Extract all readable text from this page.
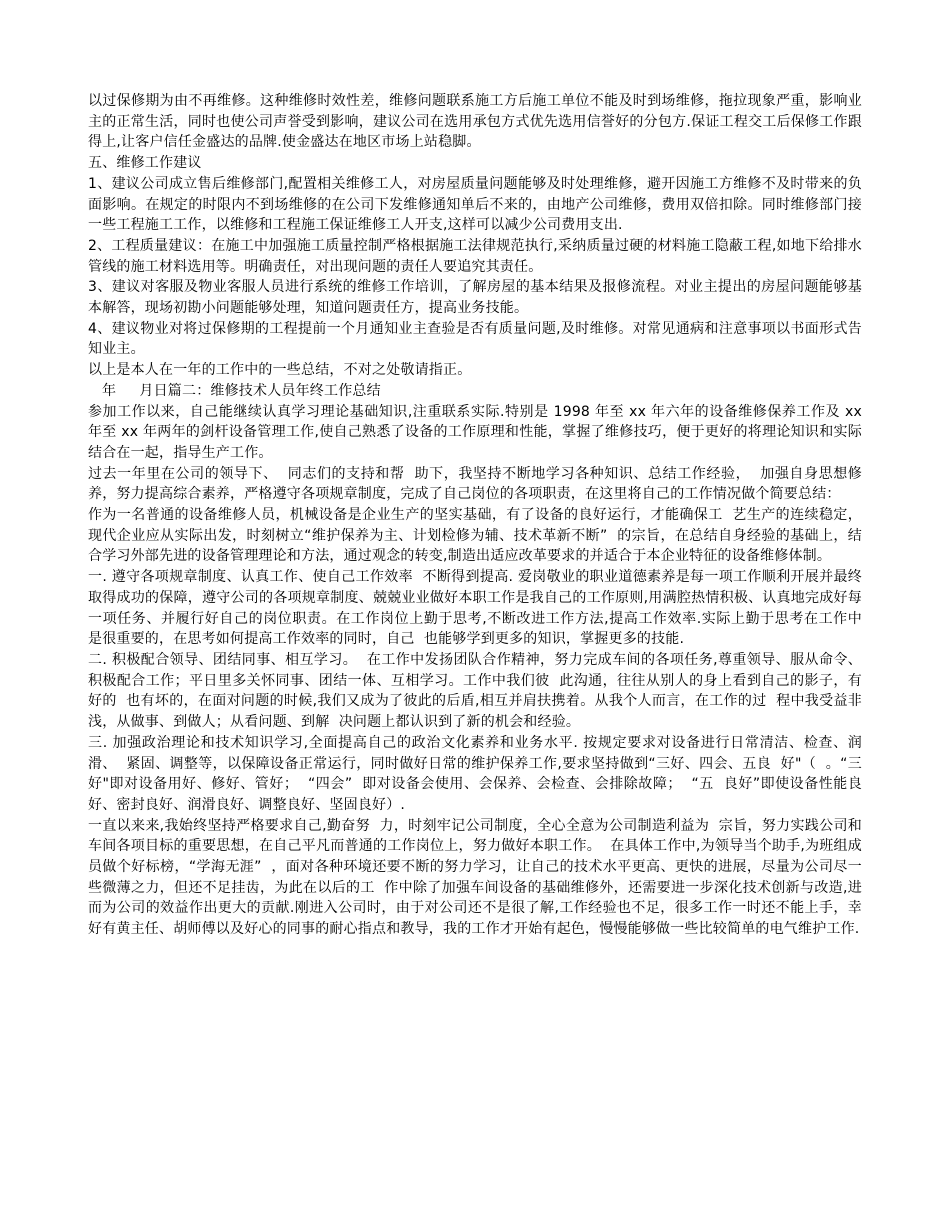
以过保修期为由不再维修。这种维修时效性差，维修问题联系施工方后施工单位不能及时到场维修，拖拉现象严重，影响业主的正常生活，同时也使公司声誉受到影响，建议公司在选用承包方式优先选用信誉好的分包方.保证工程交工后保修工作跟得上,让客户信任金盛达的品牌.使金盛达在地区市场上站稳脚。

五、维修工作建议

1、建议公司成立售后维修部门,配置相关维修工人，对房屋质量问题能够及时处理维修，避开因施工方维修不及时带来的负面影响。在规定的时限内不到场维修的在公司下发维修通知单后不来的，由地产公司维修，费用双倍扣除。同时维修部门接一些工程施工工作，以维修和工程施工保证维修工人开支,这样可以减少公司费用支出.

2、工程质量建议：在施工中加强施工质量控制严格根据施工法律规范执行,采纳质量过硬的材料施工隐蔽工程,如地下给排水管线的施工材料选用等。明确责任，对出现问题的责任人要追究其责任。

3、建议对客服及物业客服人员进行系统的维修工作培训，了解房屋的基本结果及报修流程。对业主提出的房屋问题能够基本解答，现场初勘小问题能够处理，知道问题责任方，提高业务技能。

4、建议物业对将过保修期的工程提前一个月通知业主查验是否有质量问题,及时维修。对常见通病和注意事项以书面形式告知业主。

以上是本人在一年的工作中的一些总结，不对之处敬请指正。

年     月日篇二：维修技术人员年终工作总结

参加工作以来，自己能继续认真学习理论基础知识,注重联系实际.特别是 1998 年至 xx 年六年的设备维修保养工作及 xx 年至 xx 年两年的剑杆设备管理工作,使自己熟悉了设备的工作原理和性能，掌握了维修技巧，便于更好的将理论知识和实际结合在一起，指导生产工作。

过去一年里在公司的领导下、  同志们的支持和帮  助下，我坚持不断地学习各种知识、总结工作经验，  加强自身思想修养，努力提高综合素养，严格遵守各项规章制度，完成了自己岗位的各项职责，在这里将自己的工作情况做个简要总结：

作为一名普通的设备维修人员，机械设备是企业生产的坚实基础，有了设备的良好运行，才能确保工  艺生产的连续稳定，现代企业应从实际出发，时刻树立“维护保养为主、计划检修为辅、技术革新不断”  的宗旨，在总结自身经验的基础上，结合学习外部先进的设备管理理论和方法，通过观念的转变,制造出适应改革要求的并适合于本企业特征的设备维修体制。

一. 遵守各项规章制度、认真工作、使自己工作效率  不断得到提高. 爱岗敬业的职业道德素养是每一项工作顺利开展并最终取得成功的保障，遵守公司的各项规章制度、兢兢业业做好本职工作是我自己的工作原则,用满腔热情积极、认真地完成好每一项任务、并履行好自己的岗位职责。在工作岗位上勤于思考,不断改进工作方法,提高工作效率.实际上勤于思考在工作中  是很重要的，在思考如何提高工作效率的同时，自己  也能够学到更多的知识，掌握更多的技能.

二. 积极配合领导、团结同事、相互学习。  在工作中发扬团队合作精神，努力完成车间的各项任务,尊重领导、服从命令、积极配合工作；平日里多关怀同事、团结一体、互相学习。工作中我们彼  此沟通，往往从别人的身上看到自己的影子，有好的  也有坏的，在面对问题的时候,我们又成为了彼此的后盾,相互并肩扶携着。从我个人而言，在工作的过  程中我受益非浅，从做事、到做人；从看问题、到解  决问题上都认识到了新的机会和经验。

三. 加强政治理论和技术知识学习,全面提高自己的政治文化素养和业务水平. 按规定要求对设备进行日常清洁、检查、润滑、  紧固、调整等，以保障设备正常运行，同时做好日常的维护保养工作,要求坚持做到“三好、四会、五良  好"（  。“三好"即对设备用好、修好、管好；  “四会”  即对设备会使用、会保养、会检查、会排除故障；  “五  良好”即使设备性能良好、密封良好、润滑良好、调整良好、坚固良好）.

一直以来来,我始终坚持严格要求自己,勤奋努  力，时刻牢记公司制度，全心全意为公司制造利益为  宗旨，努力实践公司和车间各项目标的重要思想，在自己平凡而普通的工作岗位上，努力做好本职工作。  在具体工作中,为领导当个助手,为班组成员做个好标榜，“学海无涯”  ，面对各种环境还要不断的努力学习，让自己的技术水平更高、更快的进展，尽量为公司尽一些微薄之力，但还不足挂齿，为此在以后的工  作中除了加强车间设备的基础维修外，还需要进一步深化技术创新与改造,进而为公司的效益作出更大的贡献.刚进入公司时，由于对公司还不是很了解,工作经验也不足，很多工作一时还不能上手，幸好有黄主任、胡师傅以及好心的同事的耐心指点和教导，我的工作才开始有起色，慢慢能够做一些比较简单的电气维护工作.
